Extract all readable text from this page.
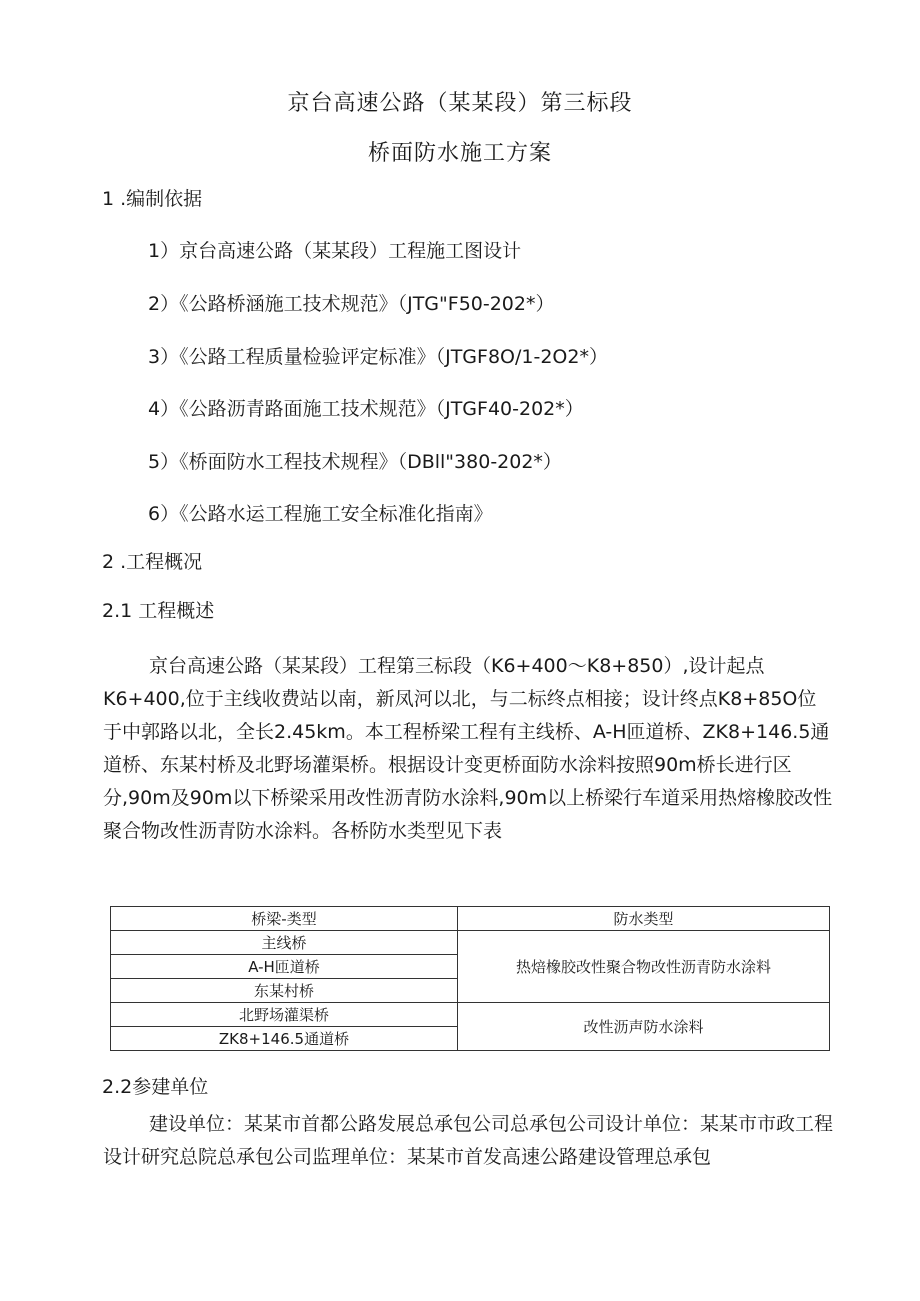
京台高速公路（某某段）第三标段
桥面防水施工方案
1 .编制依据
1）京台高速公路（某某段）工程施工图设计
2）《公路桥涵施工技术规范》（JTG"F50-202*）
3）《公路工程质量检验评定标准》（JTGF8O/1-2O2*）
4）《公路沥青路面施工技术规范》（JTGF40-202*）
5）《桥面防水工程技术规程》（DBll"380-202*）
6）《公路水运工程施工安全标准化指南》
2 .工程概况
2.1 工程概述
京台高速公路（某某段）工程第三标段（K6+400～K8+850）,设计起点K6+400,位于主线收费站以南，新凤河以北，与二标终点相接；设计终点K8+85O位于中郭路以北，全长2.45km。本工程桥梁工程有主线桥、A-H匝道桥、ZK8+146.5通道桥、东某村桥及北野场灌渠桥。根据设计变更桥面防水涂料按照90m桥长进行区分,90m及90m以下桥梁采用改性沥青防水涂料,90m以上桥梁行车道采用热熔橡胶改性聚合物改性沥青防水涂料。各桥防水类型见下表
桥梁-类型	防水类型
主线桥	热焙橡胶改性聚合物改性沥青防水涂料
A-H匝道桥	
东某村桥	
北野场灌渠桥	改性沥声防水涂料
ZK8+146.5通道桥	
2.2参建单位
建设单位：某某市首都公路发展总承包公司总承包公司设计单位：某某市市政工程设计研究总院总承包公司监理单位：某某市首发高速公路建设管理总承包
